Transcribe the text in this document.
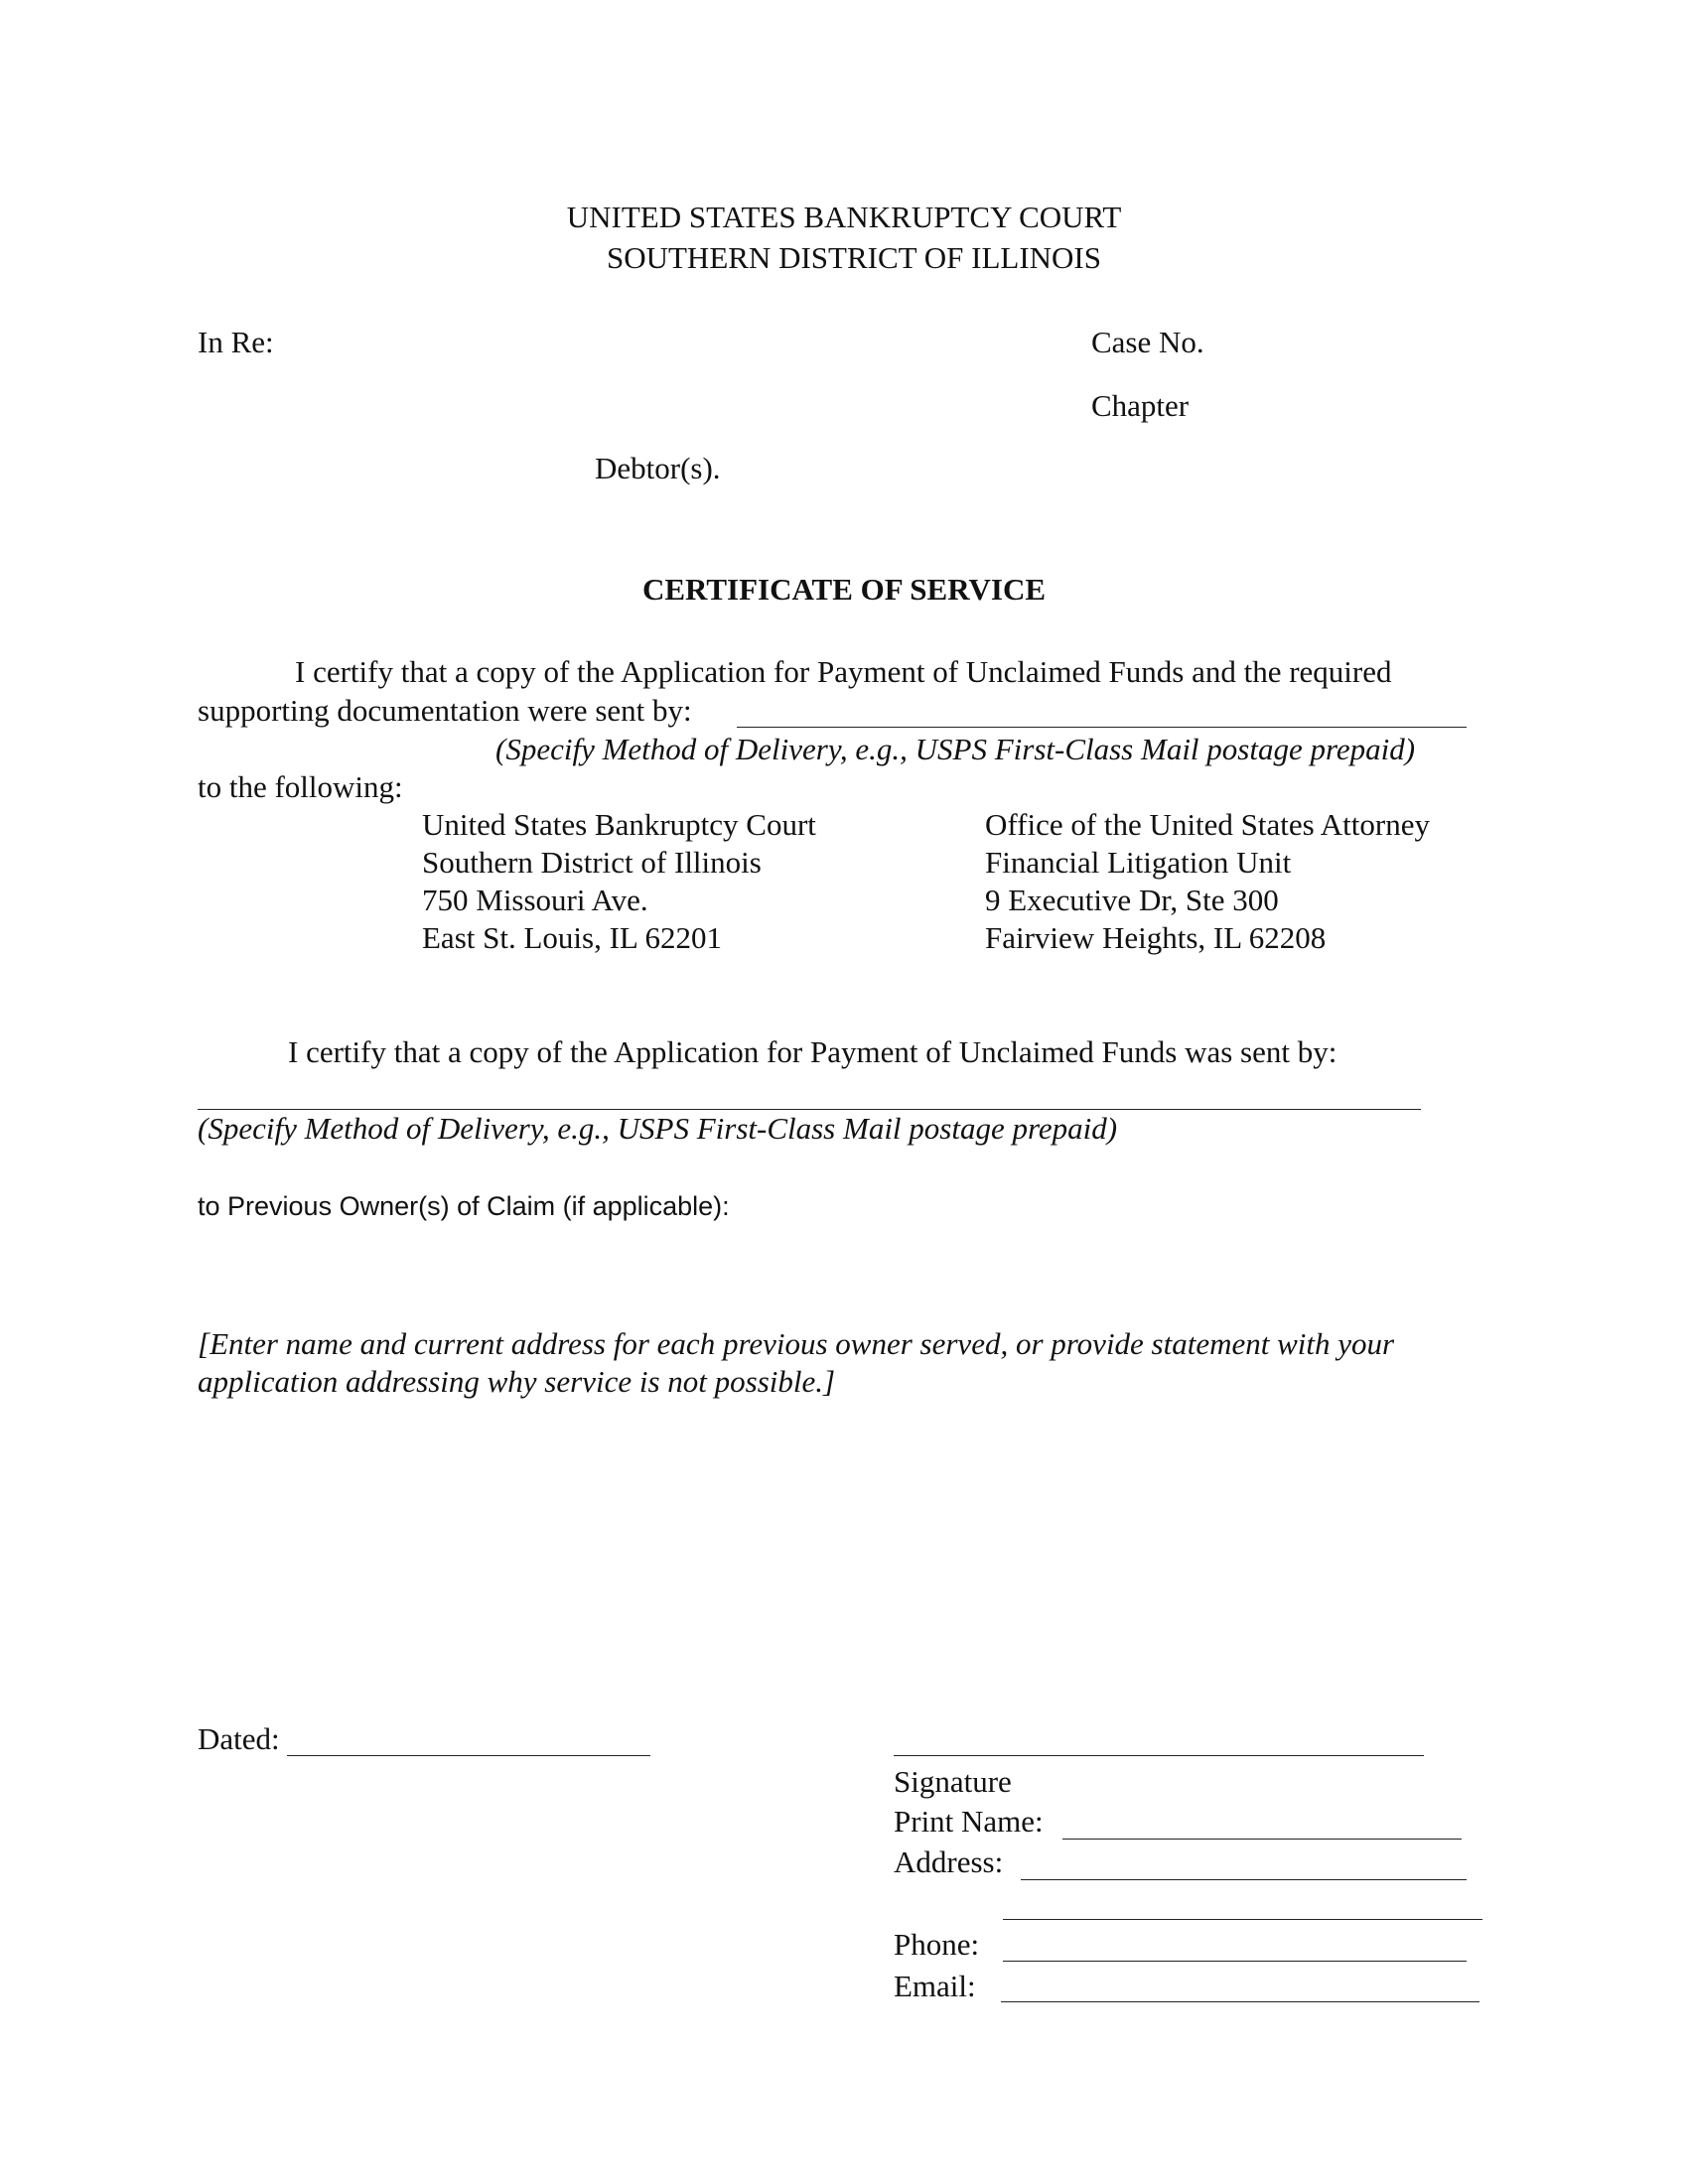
UNITED STATES BANKRUPTCY COURT
SOUTHERN DISTRICT OF ILLINOIS
In Re:	Case No.
Chapter
Debtor(s).
CERTIFICATE OF SERVICE
I certify that a copy of the Application for Payment of Unclaimed Funds and the required
supporting documentation were sent by:
(Specify Method of Delivery, e.g., USPS First-Class Mail postage prepaid)
to the following:
United States Bankruptcy Court
Southern District of Illinois
750 Missouri Ave.
East St. Louis, IL 62201
Office of the United States Attorney
Financial Litigation Unit
9 Executive Dr, Ste 300
Fairview Heights, IL 62208
I certify that a copy of the Application for Payment of Unclaimed Funds was sent by:
(Specify Method of Delivery, e.g., USPS First-Class Mail postage prepaid)
to Previous Owner(s) of Claim (if applicable):
[Enter name and current address for each previous owner served, or provide statement with your
application addressing why service is not possible.]
Dated:
Signature
Print Name:
Address:
Phone:
Email:
